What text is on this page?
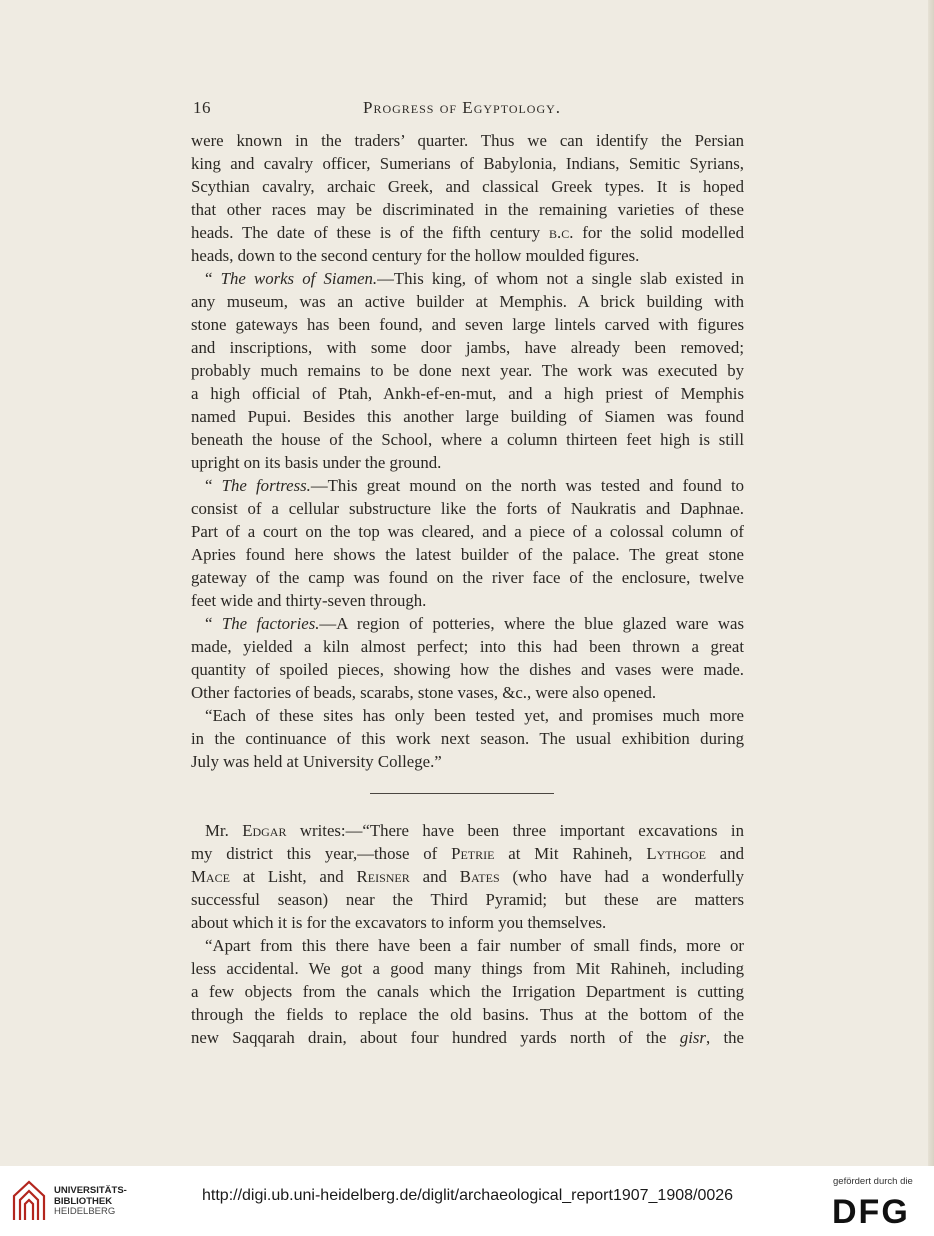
16	Progress of Egyptology.
were known in the traders’ quarter. Thus we can identify the Persian
king and cavalry officer, Sumerians of Babylonia, Indians, Semitic Syrians,
Scythian cavalry, archaic Greek, and classical Greek types. It is hoped
that other races may be discriminated in the remaining varieties of these
heads. The date of these is of the fifth century b.c. for the solid modelled
heads, down to the second century for the hollow moulded figures.
“ The works of Siamen.—This king, of whom not a single slab existed in
any museum, was an active builder at Memphis. A brick building with
stone gateways has been found, and seven large lintels carved with figures
and inscriptions, with some door jambs, have already been removed;
probably much remains to be done next year. The work was executed by
a high official of Ptah, Ankh-ef-en-mut, and a high priest of Memphis
named Pupui. Besides this another large building of Siamen was found
beneath the house of the School, where a column thirteen feet high is still
upright on its basis under the ground.
“ The fortress.—This great mound on the north was tested and found to
consist of a cellular substructure like the forts of Naukratis and Daphnae.
Part of a court on the top was cleared, and a piece of a colossal column of
Apries found here shows the latest builder of the palace. The great stone
gateway of the camp was found on the river face of the enclosure, twelve
feet wide and thirty-seven through.
“ The factories.—A region of potteries, where the blue glazed ware was
made, yielded a kiln almost perfect; into this had been thrown a great
quantity of spoiled pieces, showing how the dishes and vases were made.
Other factories of beads, scarabs, stone vases, &c., were also opened.
“Each of these sites has only been tested yet, and promises much more
in the continuance of this work next season. The usual exhibition during
July was held at University College.”
Mr. Edgar writes:—“There have been three important excavations in
my district this year,—those of Petrie at Mit Rahineh, Lythgoe and
Mace at Lisht, and Reisner and Bates (who have had a wonderfully
successful season) near the Third Pyramid; but these are matters
about which it is for the excavators to inform you themselves.
“Apart from this there have been a fair number of small finds, more or
less accidental. We got a good many things from Mit Rahineh, including
a few objects from the canals which the Irrigation Department is cutting
through the fields to replace the old basins. Thus at the bottom of the
new Saqqarah drain, about four hundred yards north of the gisr, the
UNIVERSITÄTS-
BIBLIOTHEK
HEIDELBERG
http://digi.ub.uni-heidelberg.de/diglit/archaeological_report1907_1908/0026
gefördert durch die
DFG
